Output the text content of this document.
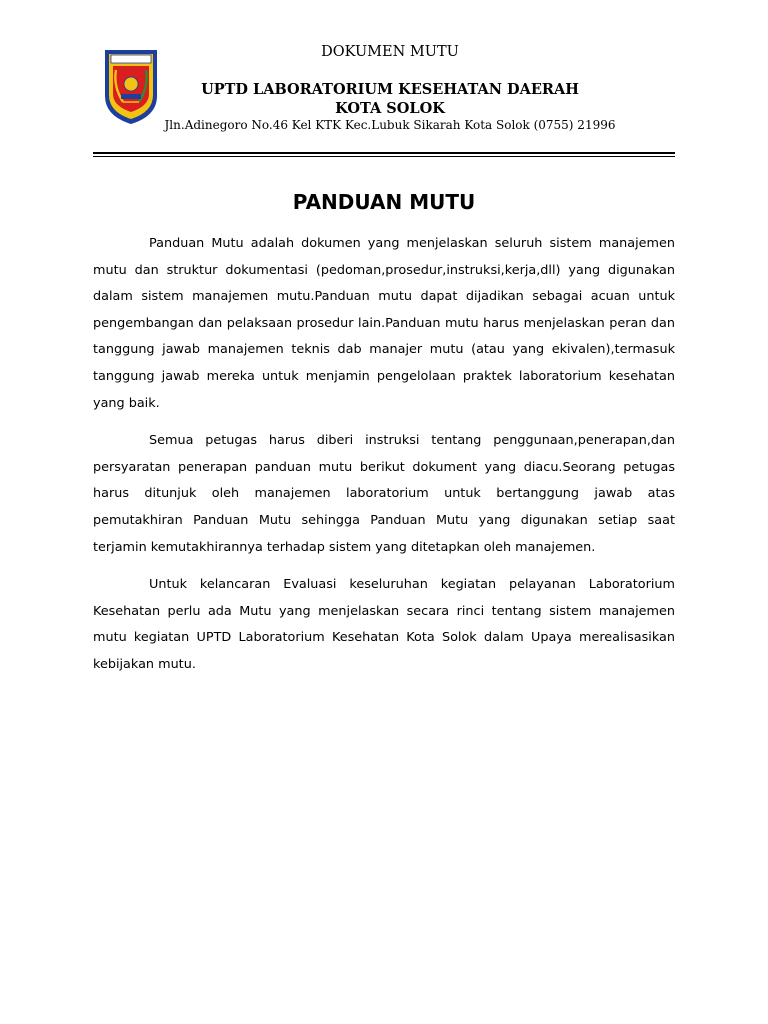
DOKUMEN MUTU
UPTD LABORATORIUM KESEHATAN DAERAH
KOTA SOLOK
Jln.Adinegoro No.46 Kel KTK Kec.Lubuk Sikarah Kota Solok (0755) 21996
PANDUAN MUTU

Panduan Mutu adalah dokumen yang menjelaskan seluruh sistem manajemen mutu dan struktur dokumentasi (pedoman,prosedur,instruksi,kerja,dll) yang digunakan dalam sistem manajemen mutu.Panduan mutu dapat dijadikan sebagai acuan untuk pengembangan dan pelaksaan prosedur lain.Panduan mutu harus menjelaskan peran dan tanggung jawab manajemen teknis dab manajer mutu (atau yang ekivalen),termasuk tanggung jawab mereka untuk menjamin pengelolaan praktek laboratorium kesehatan yang baik.

Semua petugas harus diberi instruksi tentang penggunaan,penerapan,dan persyaratan penerapan panduan mutu berikut dokument yang diacu.Seorang petugas harus ditunjuk oleh manajemen laboratorium untuk bertanggung jawab atas pemutakhiran Panduan Mutu sehingga Panduan Mutu yang digunakan setiap saat terjamin kemutakhirannya terhadap sistem yang ditetapkan oleh manajemen.

Untuk kelancaran Evaluasi keseluruhan kegiatan pelayanan Laboratorium Kesehatan perlu ada Mutu yang menjelaskan secara rinci tentang sistem manajemen mutu kegiatan UPTD Laboratorium Kesehatan Kota Solok dalam Upaya merealisasikan kebijakan mutu.
